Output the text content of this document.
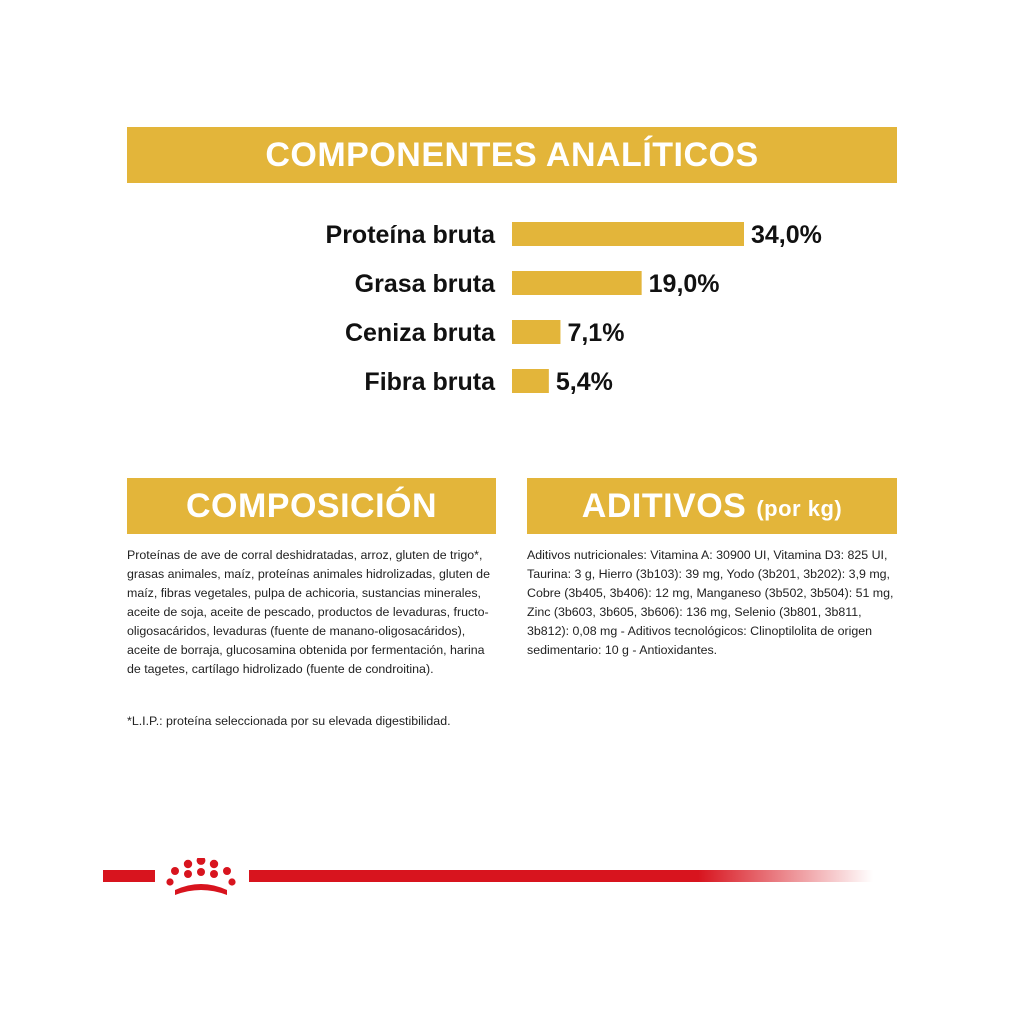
COMPONENTES ANALÍTICOS
Proteína bruta	34,0%
Grasa bruta	19,0%
Ceniza bruta	7,1%
Fibra bruta 5,4%
COMPOSICIÓN	ADITIVOS (por kg)

Proteínas de ave de corral deshidratadas, arroz, gluten de trigo*, grasas animales, maíz, proteínas animales hidrolizadas, gluten de maíz, fibras vegetales, pulpa de achicoria, sustancias minerales, aceite de soja, aceite de pescado, productos de levaduras, fructo-oligosacáridos, levaduras (fuente de manano-oligosacáridos), aceite de borraja, glucosamina obtenida por fermentación, harina de tagetes, cartílago hidrolizado (fuente de condroitina).

*L.I.P.: proteína seleccionada por su elevada digestibilidad.

Aditivos nutricionales: Vitamina A: 30900 UI, Vitamina D3: 825 UI, Taurina: 3 g, Hierro (3b103): 39 mg, Yodo (3b201, 3b202): 3,9 mg, Cobre (3b405, 3b406): 12 mg, Manganeso (3b502, 3b504): 51 mg, Zinc (3b603, 3b605, 3b606): 136 mg, Selenio (3b801, 3b811, 3b812): 0,08 mg - Aditivos tecnológicos: Clinoptilolita de origen sedimentario: 10 g - Antioxidantes.
